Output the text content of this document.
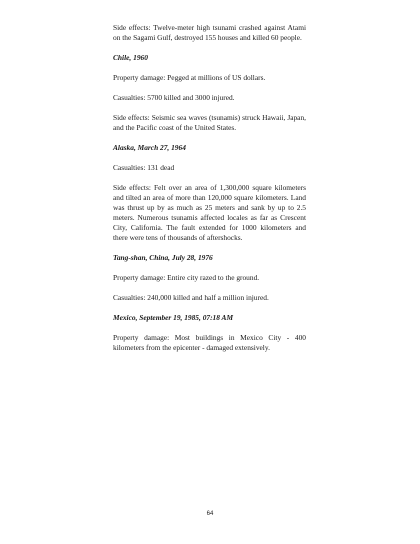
Side effects: Twelve-meter high tsunami crashed against Atami on the Sagami Gulf, destroyed 155 houses and killed 60 people.

Chile, 1960

Property damage: Pegged at millions of US dollars.

Casualties: 5700 killed and 3000 injured.

Side effects: Seismic sea waves (tsunamis) struck Hawaii, Japan, and the Pacific coast of the United States.

Alaska, March 27, 1964

Casualties: 131 dead

Side effects: Felt over an area of 1,300,000 square kilometers and tilted an area of more than 120,000 square kilometers. Land was thrust up by as much as 25 meters and sank by up to 2.5 meters. Numerous tsunamis affected locales as far as Crescent City, California. The fault extended for 1000 kilometers and there were tens of thousands of aftershocks.

Tang-shan, China, July 28, 1976

Property damage: Entire city razed to the ground.

Casualties: 240,000 killed and half a million injured.

Mexico, September 19, 1985, 07:18 AM

Property damage: Most buildings in Mexico City - 400 kilometers from the epicenter - damaged extensively.

64
